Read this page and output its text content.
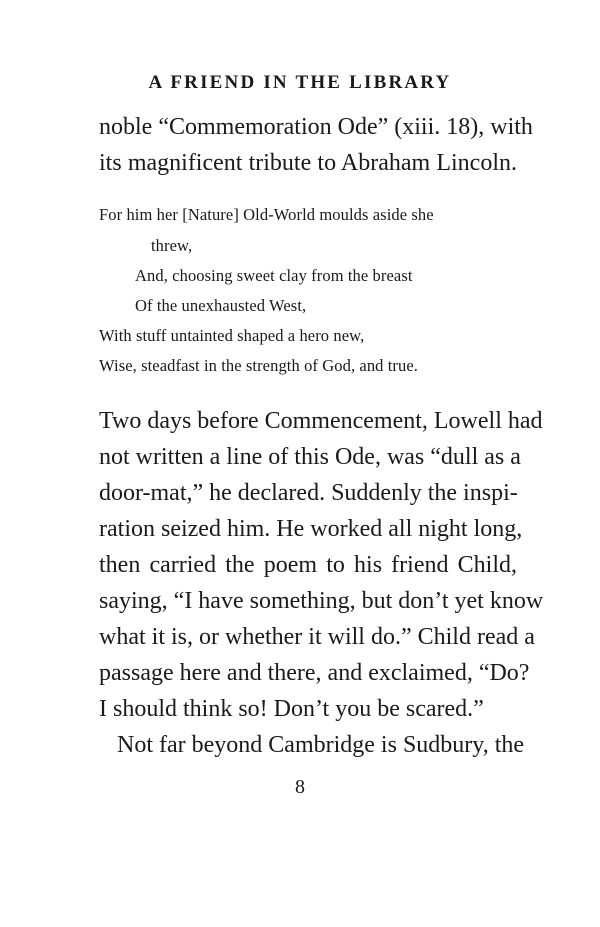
A FRIEND IN THE LIBRARY
noble “Commemoration Ode” (xiii. 18), with
its magnificent tribute to Abraham Lincoln.
For him her [Nature] Old-World moulds aside she
threw,
And, choosing sweet clay from the breast
Of the unexhausted West,
With stuff untainted shaped a hero new,
Wise, steadfast in the strength of God, and true.
Two days before Commencement, Lowell had
not written a line of this Ode, was “dull as a
door-mat,” he declared. Suddenly the inspi-
ration seized him. He worked all night long,
then carried the poem to his friend Child,
saying, “I have something, but don’t yet know
what it is, or whether it will do.” Child read a
passage here and there, and exclaimed, “Do?
I should think so! Don’t you be scared.”
Not far beyond Cambridge is Sudbury, the
8
